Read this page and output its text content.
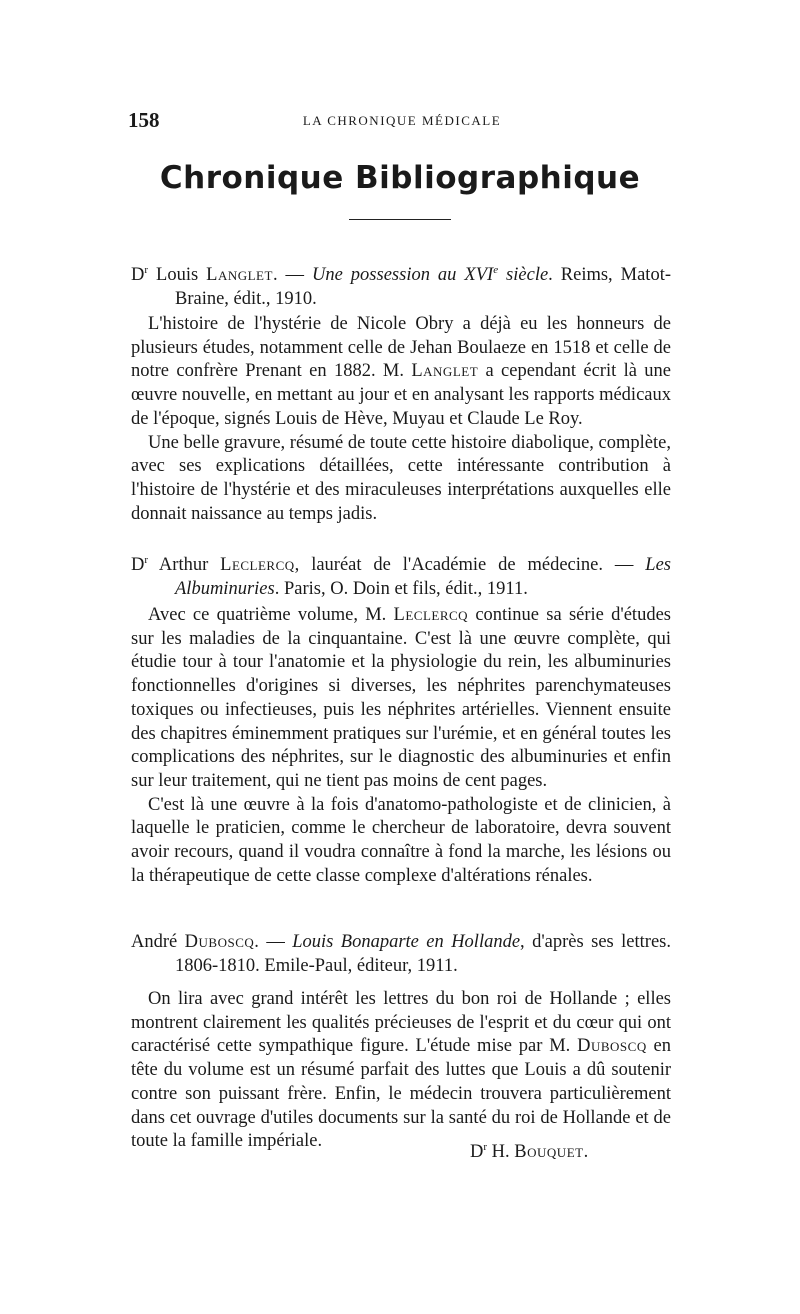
158	LA CHRONIQUE MÉDICALE
Chronique Bibliographique

$D^r$ Louis Langlet. — Une possession au XVIe siècle. Reims, Matot-Braine, édit., 1910.

L'histoire de l'hystérie de Nicole Obry a déjà eu les honneurs de plusieurs études, notamment celle de Jehan Boulaeze en 1518 et celle de notre confrère Prenant en 1882. M. Langlet a cependant écrit là une œuvre nouvelle, en mettant au jour et en analysant les rapports médicaux de l'époque, signés Louis de Hève, Muyau et Claude Le Roy.

Une belle gravure, résumé de toute cette histoire diabolique, complète, avec ses explications détaillées, cette intéressante contribution à l'histoire de l'hystérie et des miraculeuses interprétations auxquelles elle donnait naissance au temps jadis.

$D^r$ Arthur Leclercq, lauréat de l'Académie de médecine. — Les Albuminuries. Paris, O. Doin et fils, édit., 1911.

Avec ce quatrième volume, M. Leclercq continue sa série d'études sur les maladies de la cinquantaine. C'est là une œuvre complète, qui étudie tour à tour l'anatomie et la physiologie du rein, les albuminuries fonctionnelles d'origines si diverses, les néphrites parenchymateuses toxiques ou infectieuses, puis les néphrites artérielles. Viennent ensuite des chapitres éminemment pratiques sur l'urémie, et en général toutes les complications des néphrites, sur le diagnostic des albuminuries et enfin sur leur traitement, qui ne tient pas moins de cent pages.

C'est là une œuvre à la fois d'anatomo-pathologiste et de clinicien, à laquelle le praticien, comme le chercheur de laboratoire, devra souvent avoir recours, quand il voudra connaître à fond la marche, les lésions ou la thérapeutique de cette classe complexe d'altérations rénales.

André Duboscq. — Louis Bonaparte en Hollande, d'après ses lettres. 1806-1810. Emile-Paul, éditeur, 1911.

On lira avec grand intérêt les lettres du bon roi de Hollande ; elles montrent clairement les qualités précieuses de l'esprit et du cœur qui ont caractérisé cette sympathique figure. L'étude mise par M. Duboscq en tête du volume est un résumé parfait des luttes que Louis a dû soutenir contre son puissant frère. Enfin, le médecin trouvera particulièrement dans cet ouvrage d'utiles documents sur la santé du roi de Hollande et de toute la famille impériale.

$D^r$ H. Bouquet.
